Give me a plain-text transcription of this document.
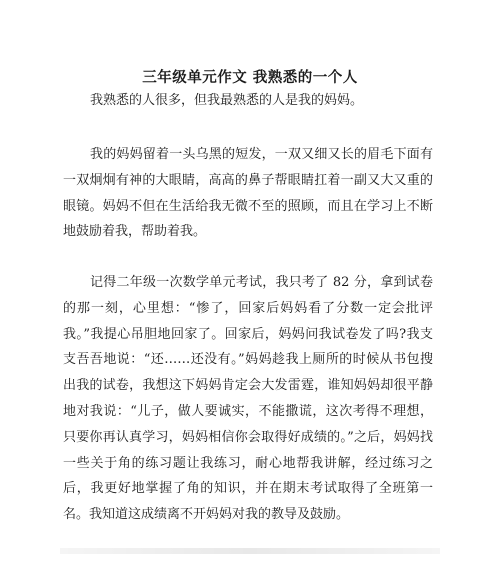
三年级单元作文 我熟悉的一个人

我熟悉的人很多，但我最熟悉的人是我的妈妈。

我的妈妈留着一头乌黑的短发，一双又细又长的眉毛下面有一双炯炯有神的大眼睛，高高的鼻子帮眼睛扛着一副又大又重的眼镜。妈妈不但在生活给我无微不至的照顾，而且在学习上不断地鼓励着我，帮助着我。

记得二年级一次数学单元考试，我只考了 82 分，拿到试卷的那一刻，心里想：“惨了，回家后妈妈看了分数一定会批评我。”我提心吊胆地回家了。回家后，妈妈问我试卷发了吗?我支支吾吾地说：“还……还没有。”妈妈趁我上厕所的时候从书包搜出我的试卷，我想这下妈妈肯定会大发雷霆，谁知妈妈却很平静地对我说：“儿子，做人要诚实，不能撒谎，这次考得不理想，只要你再认真学习，妈妈相信你会取得好成绩的。”之后，妈妈找一些关于角的练习题让我练习，耐心地帮我讲解，经过练习之后，我更好地掌握了角的知识，并在期末考试取得了全班第一名。我知道这成绩离不开妈妈对我的教导及鼓励。
